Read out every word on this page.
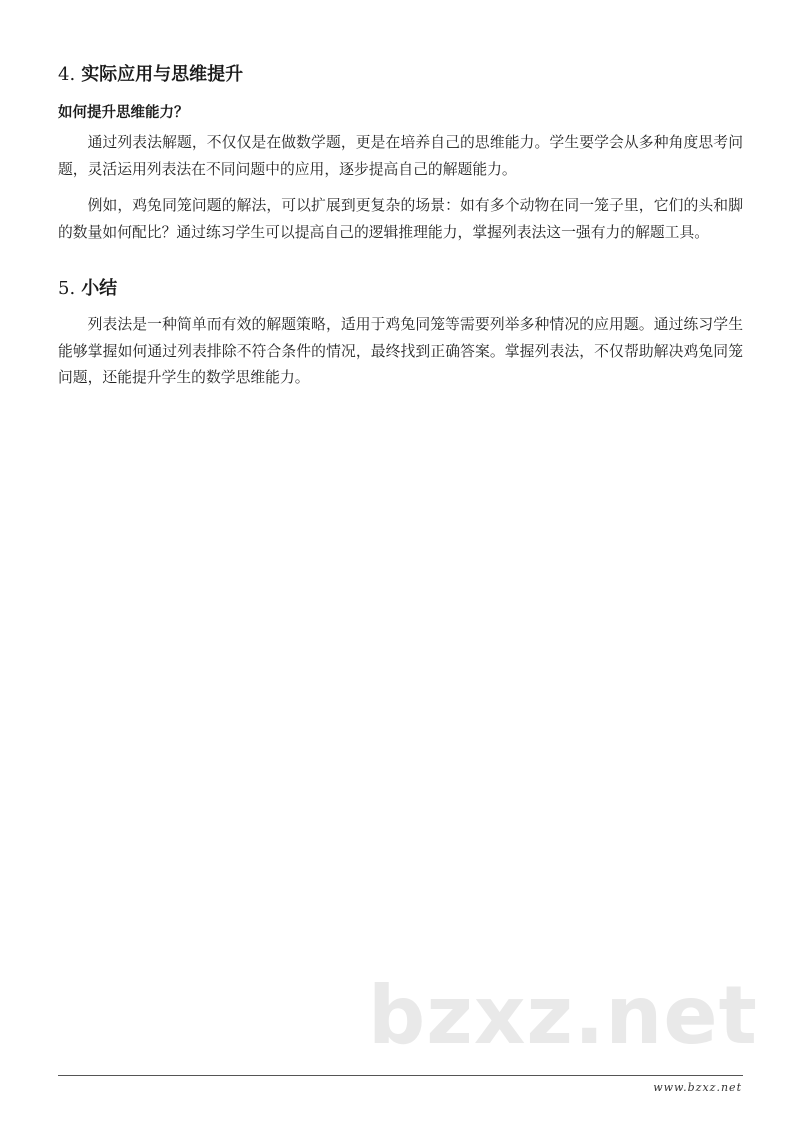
4. 实际应用与思维提升
如何提升思维能力？

通过列表法解题，不仅仅是在做数学题，更是在培养自己的思维能力。学生要学会从多种角度思考问题，灵活运用列表法在不同问题中的应用，逐步提高自己的解题能力。

例如，鸡兔同笼问题的解法，可以扩展到更复杂的场景：如有多个动物在同一笼子里，它们的头和脚的数量如何配比？通过练习学生可以提高自己的逻辑推理能力，掌握列表法这一强有力的解题工具。

5. 小结

列表法是一种简单而有效的解题策略，适用于鸡兔同笼等需要列举多种情况的应用题。通过练习学生能够掌握如何通过列表排除不符合条件的情况，最终找到正确答案。掌握列表法，不仅帮助解决鸡兔同笼问题，还能提升学生的数学思维能力。

bzxz.net
www.bzxz.net
